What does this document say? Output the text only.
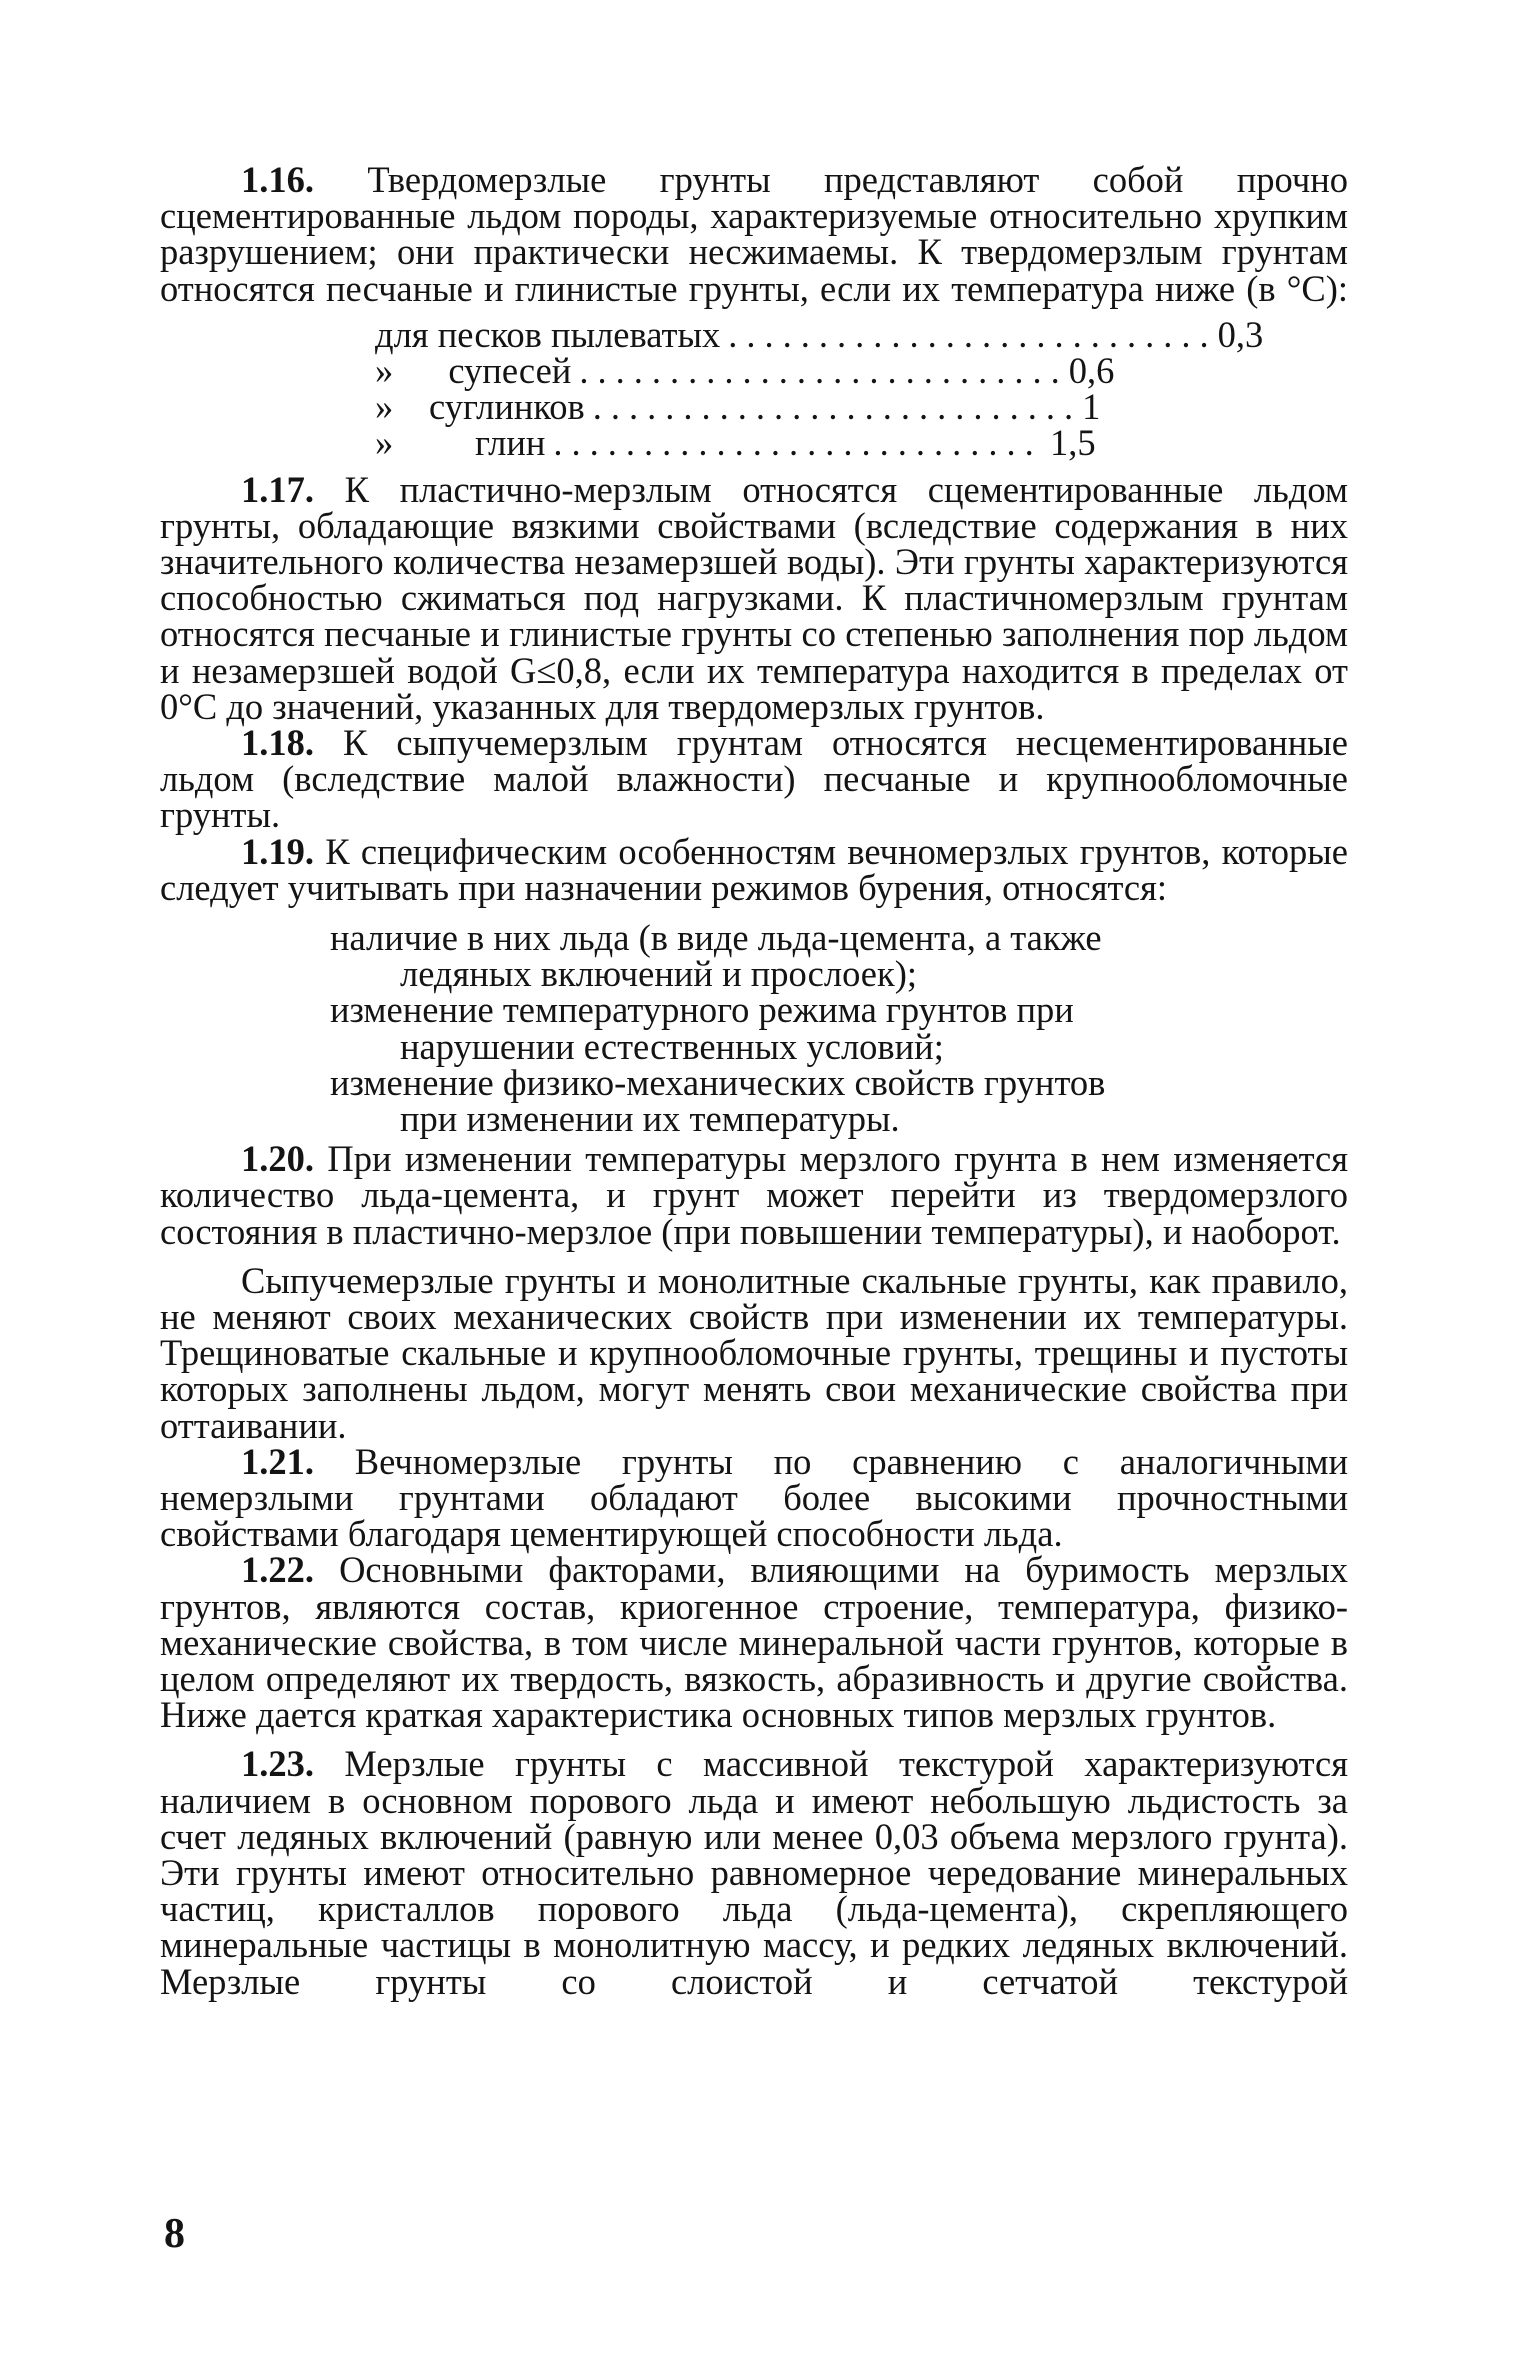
1.16. Твердомерзлые грунты представляют собой прочно сцементированные льдом породы, характеризуемые относительно хрупким разрушением; они практически несжимаемы. К твердомерзлым грунтам относятся песчаные и глинистые грунты, если их температура ниже (в °С):

для песков пылеватых ........................... 0,3
»	супесей ........................... 0,6
» суглинков ........................... 1
»	глин ........................... 1,5

1.17. К пластично-мерзлым относятся сцементированные льдом грунты, обладающие вязкими свойствами (вследствие содержания в них значительного количества незамерзшей воды). Эти грунты характеризуются способностью сжиматься под нагрузками. К пластичномерзлым грунтам относятся песчаные и глинистые грунты со степенью заполнения пор льдом и незамерзшей водой G≤0,8, если их температура находится в пределах от 0°С до значений, указанных для твердомерзлых грунтов.

1.18. К сыпучемерзлым грунтам относятся несцементированные льдом (вследствие малой влажности) песчаные и крупнообломочные грунты.

1.19. К специфическим особенностям вечномерзлых грунтов, которые следует учитывать при назначении режимов бурения, относятся:

наличие в них льда (в виде льда-цемента, а также
ледяных включений и прослоек);
изменение температурного режима грунтов при
нарушении естественных условий;
изменение физико-механических свойств грунтов
при изменении их температуры.

1.20. При изменении температуры мерзлого грунта в нем изменяется количество льда-цемента, и грунт может перейти из твердомерзлого состояния в пластично-мерзлое (при повышении температуры), и наоборот.

Сыпучемерзлые грунты и монолитные скальные грунты, как правило, не меняют своих механических свойств при изменении их температуры. Трещиноватые скальные и крупнообломочные грунты, трещины и пустоты которых заполнены льдом, могут менять свои механические свойства при оттаивании.

1.21. Вечномерзлые грунты по сравнению с аналогичными немерзлыми грунтами обладают более высокими прочностными свойствами благодаря цементирующей способности льда.

1.22. Основными факторами, влияющими на буримость мерзлых грунтов, являются состав, криогенное строение, температура, физико-механические свойства, в том числе минеральной части грунтов, которые в целом определяют их твердость, вязкость, абразивность и другие свойства. Ниже дается краткая характеристика основных типов мерзлых грунтов.

1.23. Мерзлые грунты с массивной текстурой характеризуются наличием в основном порового льда и имеют небольшую льдистость за счет ледяных включений (равную или менее 0,03 объема мерзлого грунта). Эти грунты имеют относительно равномерное чередование минеральных частиц, кристаллов порового льда (льда-цемента), скрепляющего минеральные частицы в монолитную массу, и редких ледяных включений. Мерзлые грунты со слоистой и сетчатой текстурой

8
